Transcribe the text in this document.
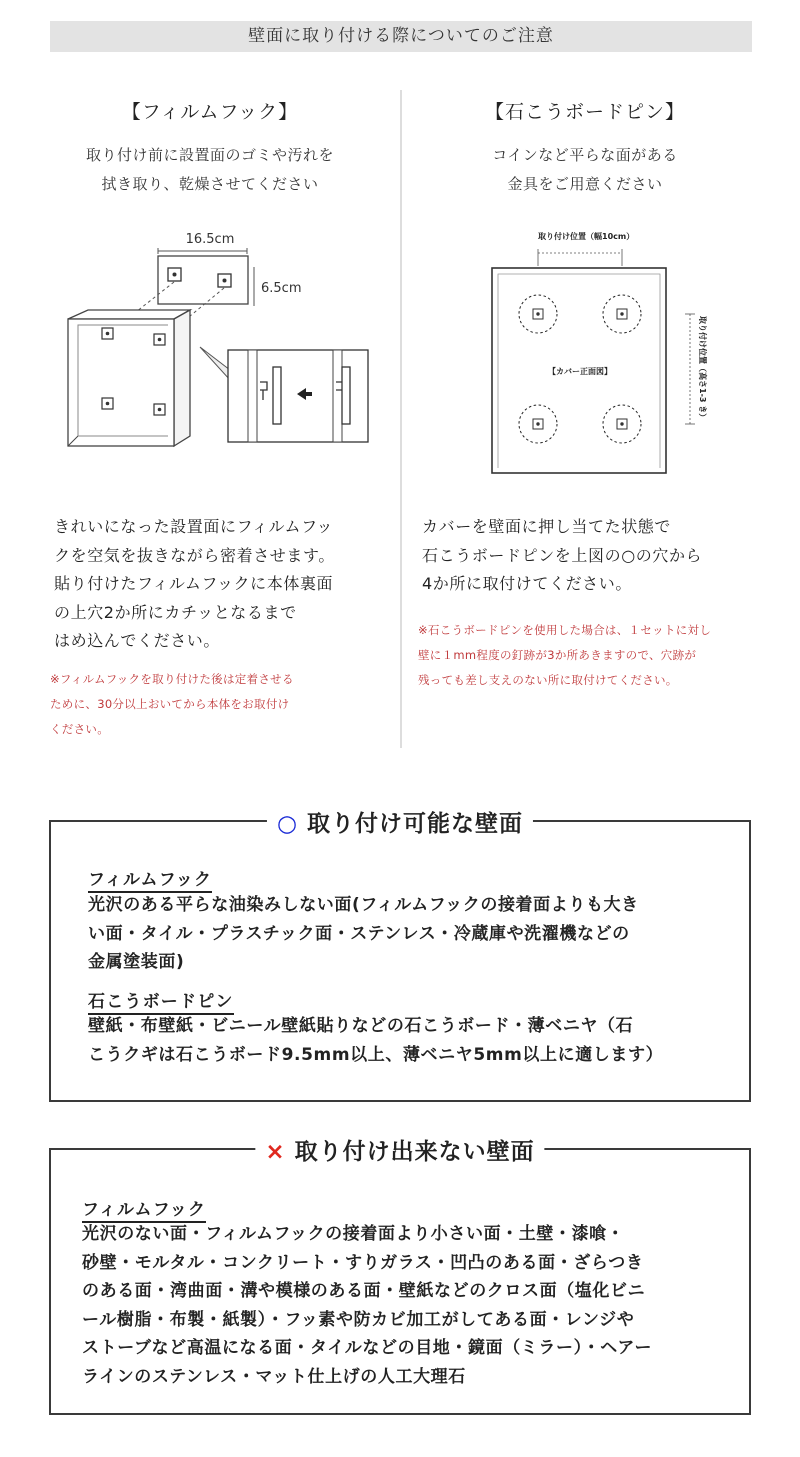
壁面に取り付ける際についてのご注意
【フィルムフック】
取り付け前に設置面のゴミや汚れを
拭き取り、乾燥させてください
16.5cm
6.5cm
きれいになった設置面にフィルムフッ
クを空気を抜きながら密着させます。
貼り付けたフィルムフックに本体裏面
の上穴2か所にカチッとなるまで
はめ込んでください。
※フィルムフックを取り付けた後は定着させる
ために、30分以上おいてから本体をお取付け
ください。
【石こうボードピン】
コインなど平らな面がある
金具をご用意ください
取り付け位置（幅10cm）
【カバー正面図】	取り付け位置（高さ1-3 き）
カバーを壁面に押し当てた状態で
石こうボードピンを上図の○の穴から
4か所に取付けてください。
※石こうボードピンを使用した場合は、１セットに対し
壁に１mm程度の釘跡が3か所あきますので、穴跡が
残っても差し支えのない所に取付けてください。
○ 取り付け可能な壁面
フィルムフック
光沢のある平らな油染みしない面(フィルムフックの接着面よりも大き
い面・タイル・プラスチック面・ステンレス・冷蔵庫や洗濯機などの
金属塗装面)
石こうボードピン
壁紙・布壁紙・ビニール壁紙貼りなどの石こうボード・薄ベニヤ（石
こうクギは石こうボード9.5mm以上、薄ベニヤ5mm以上に適します）
× 取り付け出来ない壁面
フィルムフック
光沢のない面・フィルムフックの接着面より小さい面・土壁・漆喰・
砂壁・モルタル・コンクリート・すりガラス・凹凸のある面・ざらつき
のある面・湾曲面・溝や模様のある面・壁紙などのクロス面（塩化ビニ
ール樹脂・布製・紙製）・フッ素や防カビ加工がしてある面・レンジや
ストーブなど高温になる面・タイルなどの目地・鏡面（ミラー）・ヘアー
ラインのステンレス・マット仕上げの人工大理石
